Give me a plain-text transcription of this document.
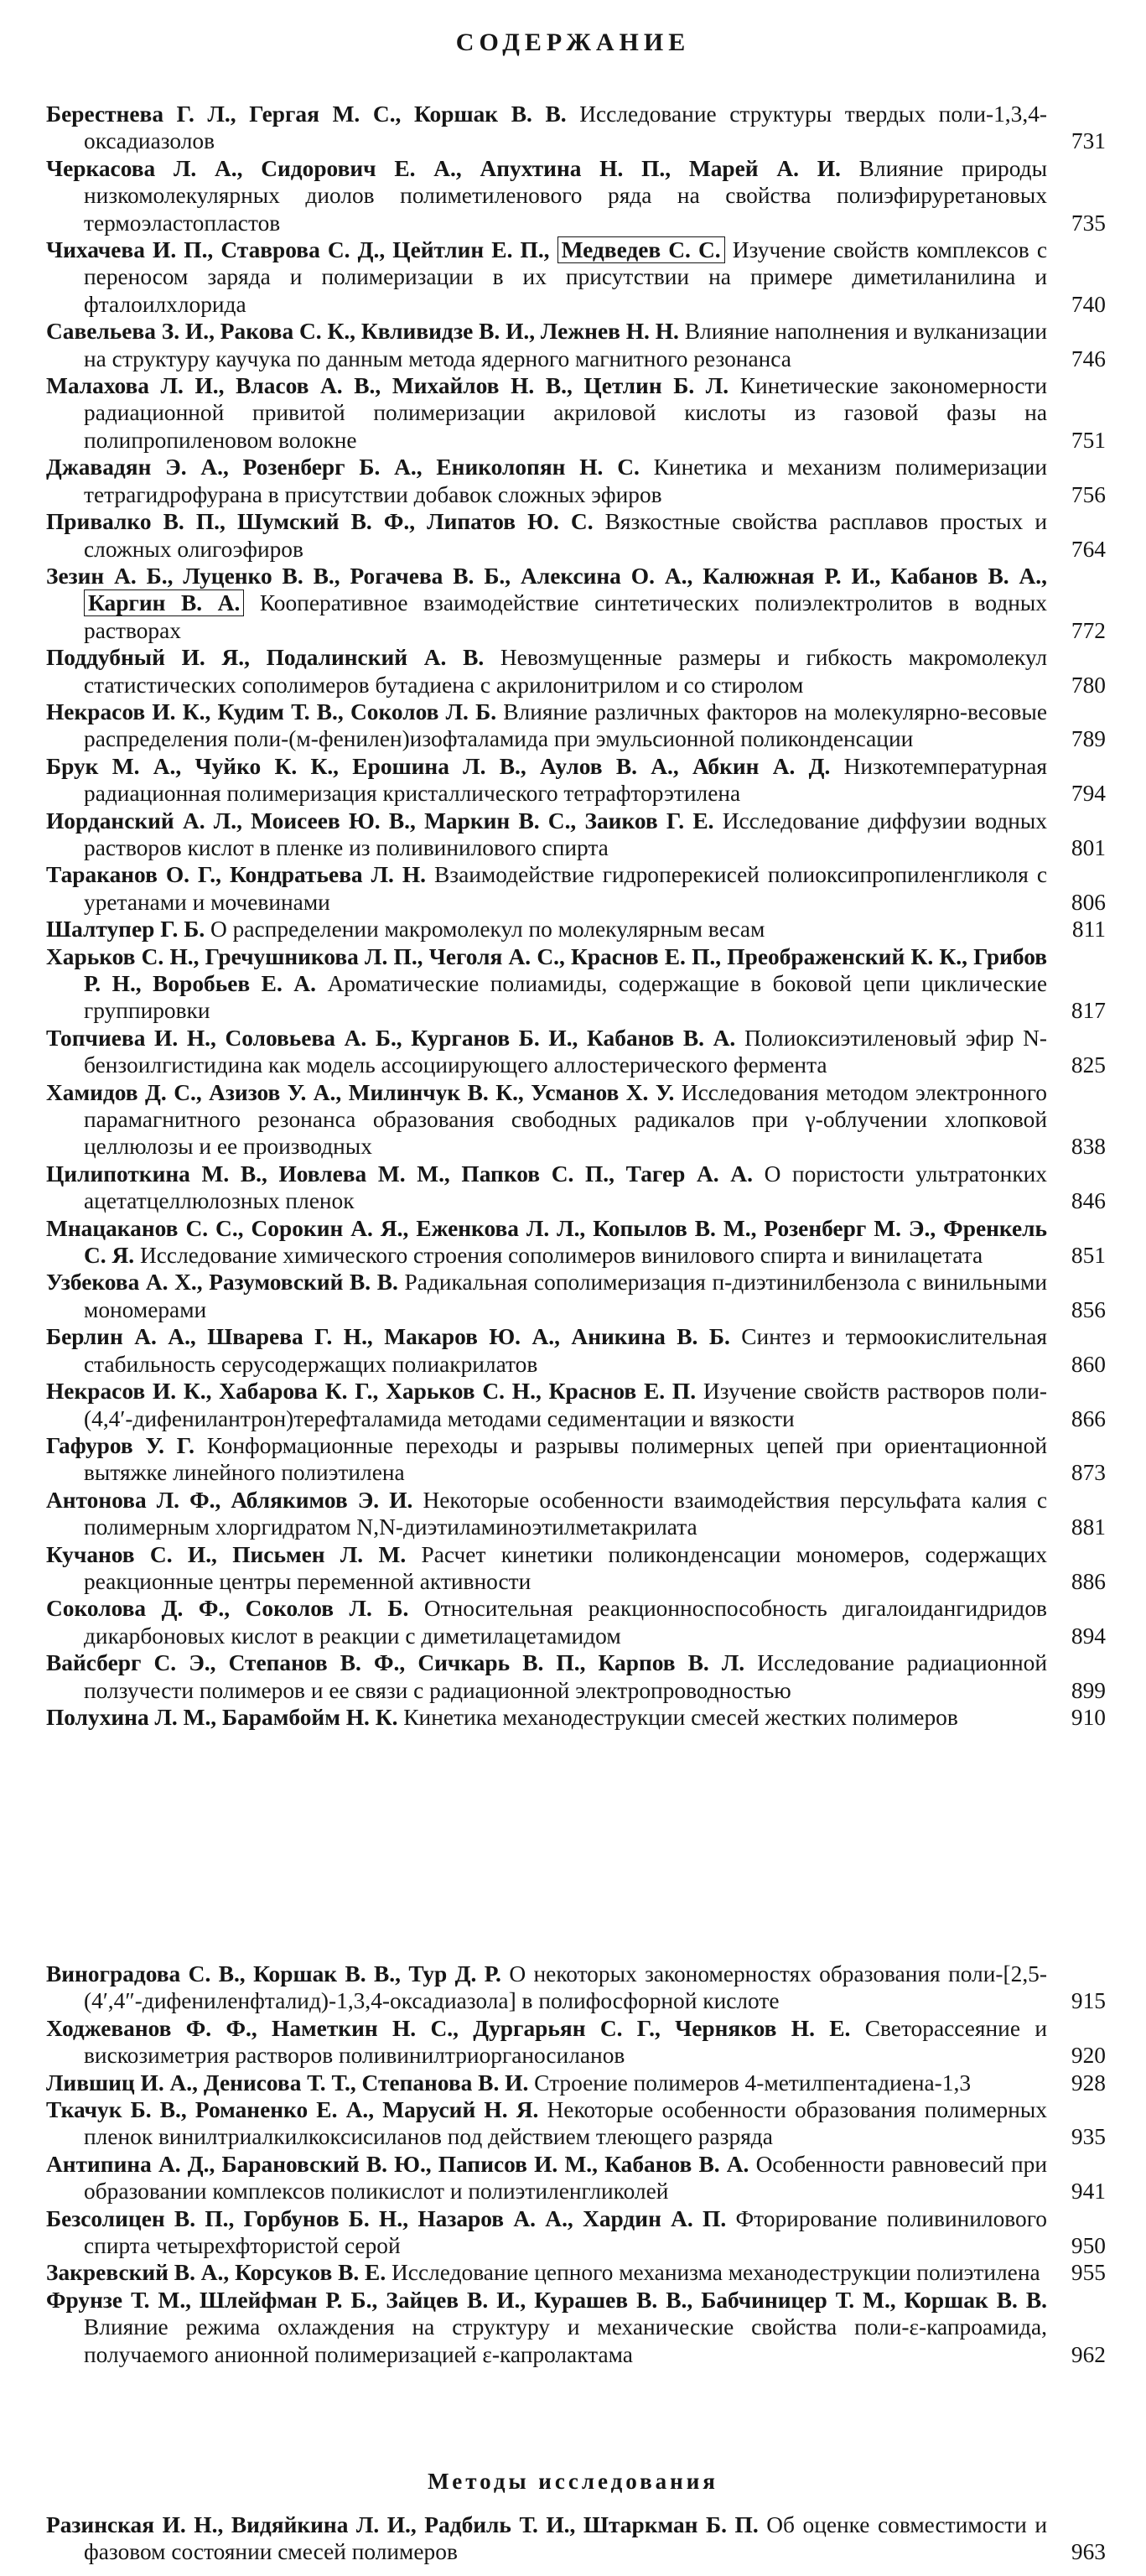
СОДЕРЖАНИЕ
Берестнева Г. Л., Гергая М. С., Коршак В. В. Исследование структуры твердых поли-1,3,4-оксадиазолов	731
Черкасова Л. А., Сидорович Е. А., Апухтина Н. П., Марей А. И. Влияние природы низкомолекулярных диолов полиметиленового ряда на свойства полиэфируретановых термоэластопластов	735
Чихачева И. П., Ставрова С. Д., Цейтлин Е. П., Медведев С. С. Изучение свойств комплексов с переносом заряда и полимеризации в их присутствии на примере диметиланилина и фталоилхлорида	740
Савельева З. И., Ракова С. К., Квливидзе В. И., Лежнев Н. Н. Влияние наполнения и вулканизации на структуру каучука по данным метода ядерного магнитного резонанса	746
Малахова Л. И., Власов А. В., Михайлов Н. В., Цетлин Б. Л. Кинетические закономерности радиационной привитой полимеризации акриловой кислоты из газовой фазы на полипропиленовом волокне	751
Джавадян Э. А., Розенберг Б. А., Ениколопян Н. С. Кинетика и механизм полимеризации тетрагидрофурана в присутствии добавок сложных эфиров	756
Привалко В. П., Шумский В. Ф., Липатов Ю. С. Вязкостные свойства расплавов простых и сложных олигоэфиров	764
Зезин А. Б., Луценко В. В., Рогачева В. Б., Алексина О. А., Калюжная Р. И., Кабанов В. А., Каргин В. А. Кооперативное взаимодействие синтетических полиэлектролитов в водных растворах	772
Поддубный И. Я., Подалинский А. В. Невозмущенные размеры и гибкость макромолекул статистических сополимеров бутадиена с акрилонитрилом и со стиролом	780
Некрасов И. К., Кудим Т. В., Соколов Л. Б. Влияние различных факторов на молекулярно-весовые распределения поли-(м-фенилен)изофталамида при эмульсионной поликонденсации	789
Брук М. А., Чуйко К. К., Ерошина Л. В., Аулов В. А., Абкин А. Д. Низкотемпературная радиационная полимеризация кристаллического тетрафторэтилена	794
Иорданский А. Л., Моисеев Ю. В., Маркин В. С., Заиков Г. Е. Исследование диффузии водных растворов кислот в пленке из поливинилового спирта	801
Тараканов О. Г., Кондратьева Л. Н. Взаимодействие гидроперекисей полиоксипропиленгликоля с уретанами и мочевинами	806
Шалтупер Г. Б. О распределении макромолекул по молекулярным весам	811
Харьков С. Н., Гречушникова Л. П., Чеголя А. С., Краснов Е. П., Преображенский К. К., Грибов Р. Н., Воробьев Е. А. Ароматические полиамиды, содержащие в боковой цепи циклические группировки	817
Топчиева И. Н., Соловьева А. Б., Курганов Б. И., Кабанов В. А. Полиоксиэтиленовый эфир N-бензоилгистидина как модель ассоциирующего аллостерического фермента	825
Хамидов Д. С., Азизов У. А., Милинчук В. К., Усманов Х. У. Исследования методом электронного парамагнитного резонанса образования свободных радикалов при γ-облучении хлопковой целлюлозы и ее производных	838
Цилипоткина М. В., Иовлева М. М., Папков С. П., Тагер А. А. О пористости ультратонких ацетатцеллюлозных пленок	846
Мнацаканов С. С., Сорокин А. Я., Еженкова Л. Л., Копылов В. М., Розенберг М. Э., Френкель С. Я. Исследование химического строения сополимеров винилового спирта и винилацетата	851
Узбекова А. Х., Разумовский В. В. Радикальная сополимеризация п-диэтинилбензола с винильными мономерами	856
Берлин А. А., Шварева Г. Н., Макаров Ю. А., Аникина В. Б. Синтез и термоокислительная стабильность серусодержащих полиакрилатов	860
Некрасов И. К., Хабарова К. Г., Харьков С. Н., Краснов Е. П. Изучение свойств растворов поли-(4,4′-дифенилантрон)терефталамида методами седиментации и вязкости	866
Гафуров У. Г. Конформационные переходы и разрывы полимерных цепей при ориентационной вытяжке линейного полиэтилена	873
Антонова Л. Ф., Аблякимов Э. И. Некоторые особенности взаимодействия персульфата калия с полимерным хлоргидратом N,N-диэтиламиноэтилметакрилата	881
Кучанов С. И., Письмен Л. М. Расчет кинетики поликонденсации мономеров, содержащих реакционные центры переменной активности	886
Соколова Д. Ф., Соколов Л. Б. Относительная реакционноспособность дигалоидангидридов дикарбоновых кислот в реакции с диметилацетамидом	894
Вайсберг С. Э., Степанов В. Ф., Сичкарь В. П., Карпов В. Л. Исследование радиационной ползучести полимеров и ее связи с радиационной электропроводностью	899
Полухина Л. М., Барамбойм Н. К. Кинетика механодеструкции смесей жестких полимеров	910
Виноградова С. В., Коршак В. В., Тур Д. Р. О некоторых закономерностях образования поли-[2,5-(4′,4″-дифениленфталид)-1,3,4-оксадиазола] в полифосфорной кислоте	915
Ходжеванов Ф. Ф., Наметкин Н. С., Дургарьян С. Г., Черняков Н. Е. Светорассеяние и вискозиметрия растворов поливинилтриорганосиланов	920
Лившиц И. А., Денисова Т. Т., Степанова В. И. Строение полимеров 4-метилпентадиена-1,3	928
Ткачук Б. В., Романенко Е. А., Марусий Н. Я. Некоторые особенности образования полимерных пленок винилтриалкилкоксисиланов под действием тлеющего разряда	935
Антипина А. Д., Барановский В. Ю., Паписов И. М., Кабанов В. А. Особенности равновесий при образовании комплексов поликислот и полиэтиленгликолей	941
Безсолицен В. П., Горбунов Б. Н., Назаров А. А., Хардин А. П. Фторирование поливинилового спирта четырехфтористой серой	950
Закревский В. А., Корсуков В. Е. Исследование цепного механизма механодеструкции полиэтилена	955
Фрунзе Т. М., Шлейфман Р. Б., Зайцев В. И., Курашев В. В., Бабчиницер Т. М., Коршак В. В. Влияние режима охлаждения на структуру и механические свойства поли-ε-капроамида, получаемого анионной полимеризацией ε-капролактама	962
Методы исследования
Разинская И. Н., Видяйкина Л. И., Радбиль Т. И., Штаркман Б. П. Об оценке совместимости и фазовом состоянии смесей полимеров	963
